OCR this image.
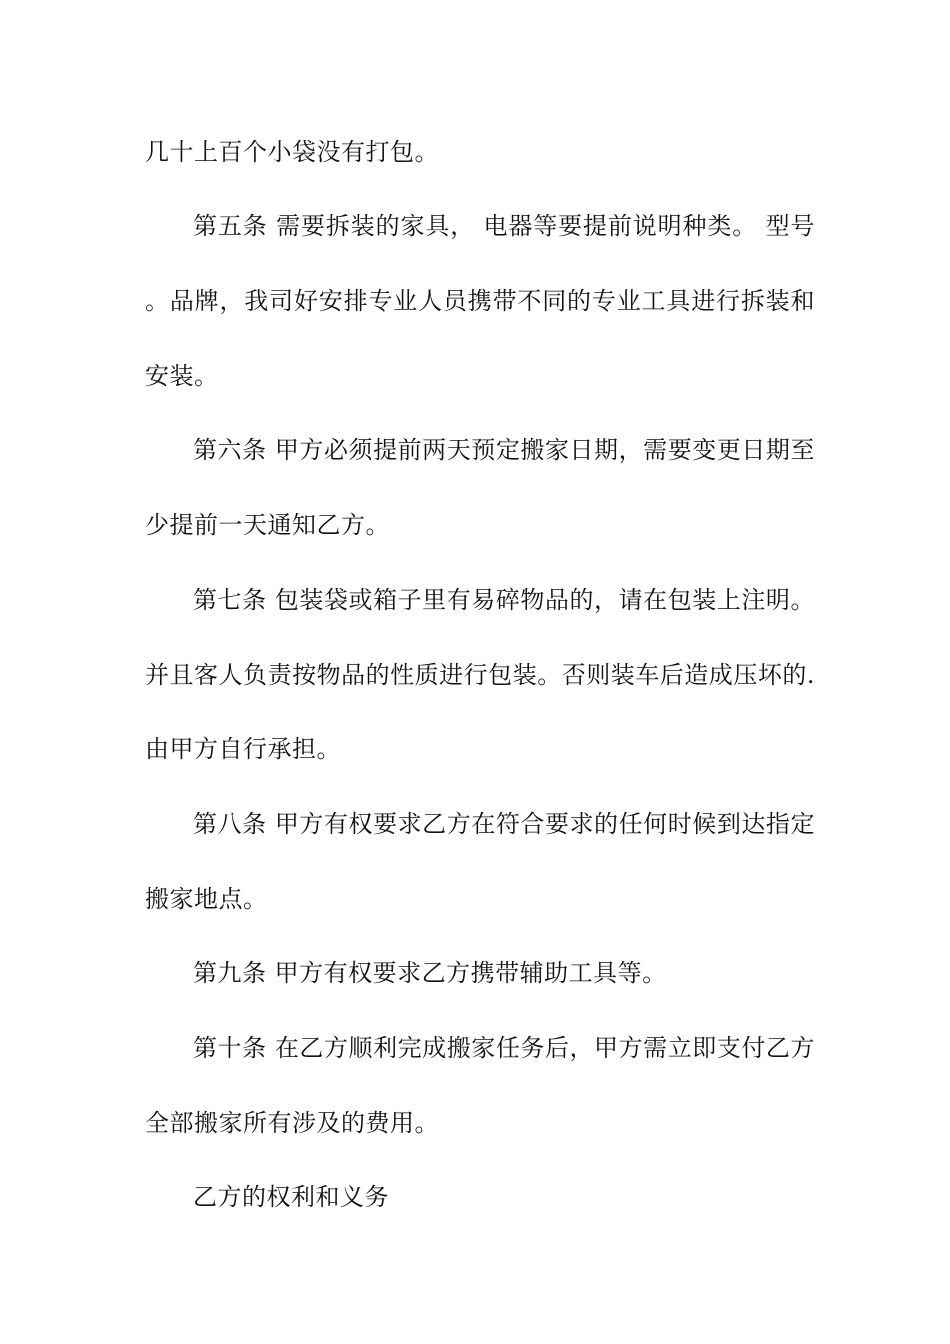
几十上百个小袋没有打包。
第五条 需要拆装的家具， 电器等要提前说明种类。 型号
。品牌，我司好安排专业人员携带不同的专业工具进行拆装和
安装。
第六条 甲方必须提前两天预定搬家日期，需要变更日期至
少提前一天通知乙方。
第七条 包装袋或箱子里有易碎物品的，请在包装上注明。
并且客人负责按物品的性质进行包装。否则装车后造成压坏的.
由甲方自行承担。
第八条 甲方有权要求乙方在符合要求的任何时候到达指定
搬家地点。
第九条 甲方有权要求乙方携带辅助工具等。
第十条 在乙方顺利完成搬家任务后，甲方需立即支付乙方
全部搬家所有涉及的费用。
乙方的权利和义务
